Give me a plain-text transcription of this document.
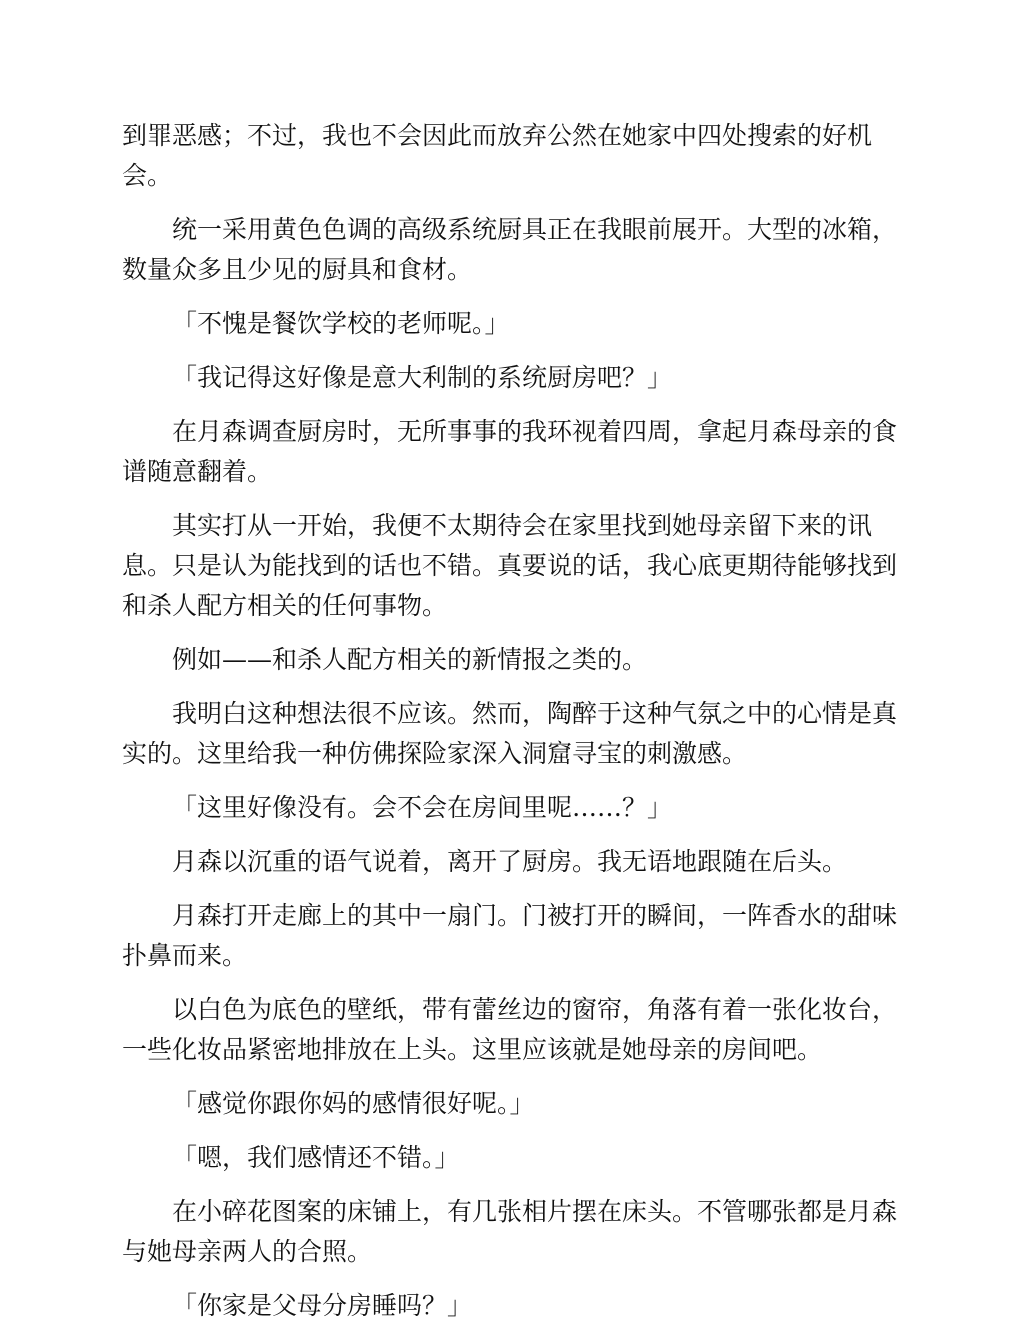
到罪恶感；不过，我也不会因此而放弃公然在她家中四处搜索的好机会。

统一采用黄色色调的高级系统厨具正在我眼前展开。大型的冰箱，数量众多且少见的厨具和食材。

「不愧是餐饮学校的老师呢。」

「我记得这好像是意大利制的系统厨房吧？」

在月森调查厨房时，无所事事的我环视着四周，拿起月森母亲的食谱随意翻着。

其实打从一开始，我便不太期待会在家里找到她母亲留下来的讯息。只是认为能找到的话也不错。真要说的话，我心底更期待能够找到和杀人配方相关的任何事物。

例如——和杀人配方相关的新情报之类的。

我明白这种想法很不应该。然而，陶醉于这种气氛之中的心情是真实的。这里给我一种仿佛探险家深入洞窟寻宝的刺激感。

「这里好像没有。会不会在房间里呢……？」

月森以沉重的语气说着，离开了厨房。我无语地跟随在后头。

月森打开走廊上的其中一扇门。门被打开的瞬间，一阵香水的甜味扑鼻而来。

以白色为底色的壁纸，带有蕾丝边的窗帘，角落有着一张化妆台，一些化妆品紧密地排放在上头。这里应该就是她母亲的房间吧。

「感觉你跟你妈的感情很好呢。」

「嗯，我们感情还不错。」

在小碎花图案的床铺上，有几张相片摆在床头。不管哪张都是月森与她母亲两人的合照。

「你家是父母分房睡吗？」
